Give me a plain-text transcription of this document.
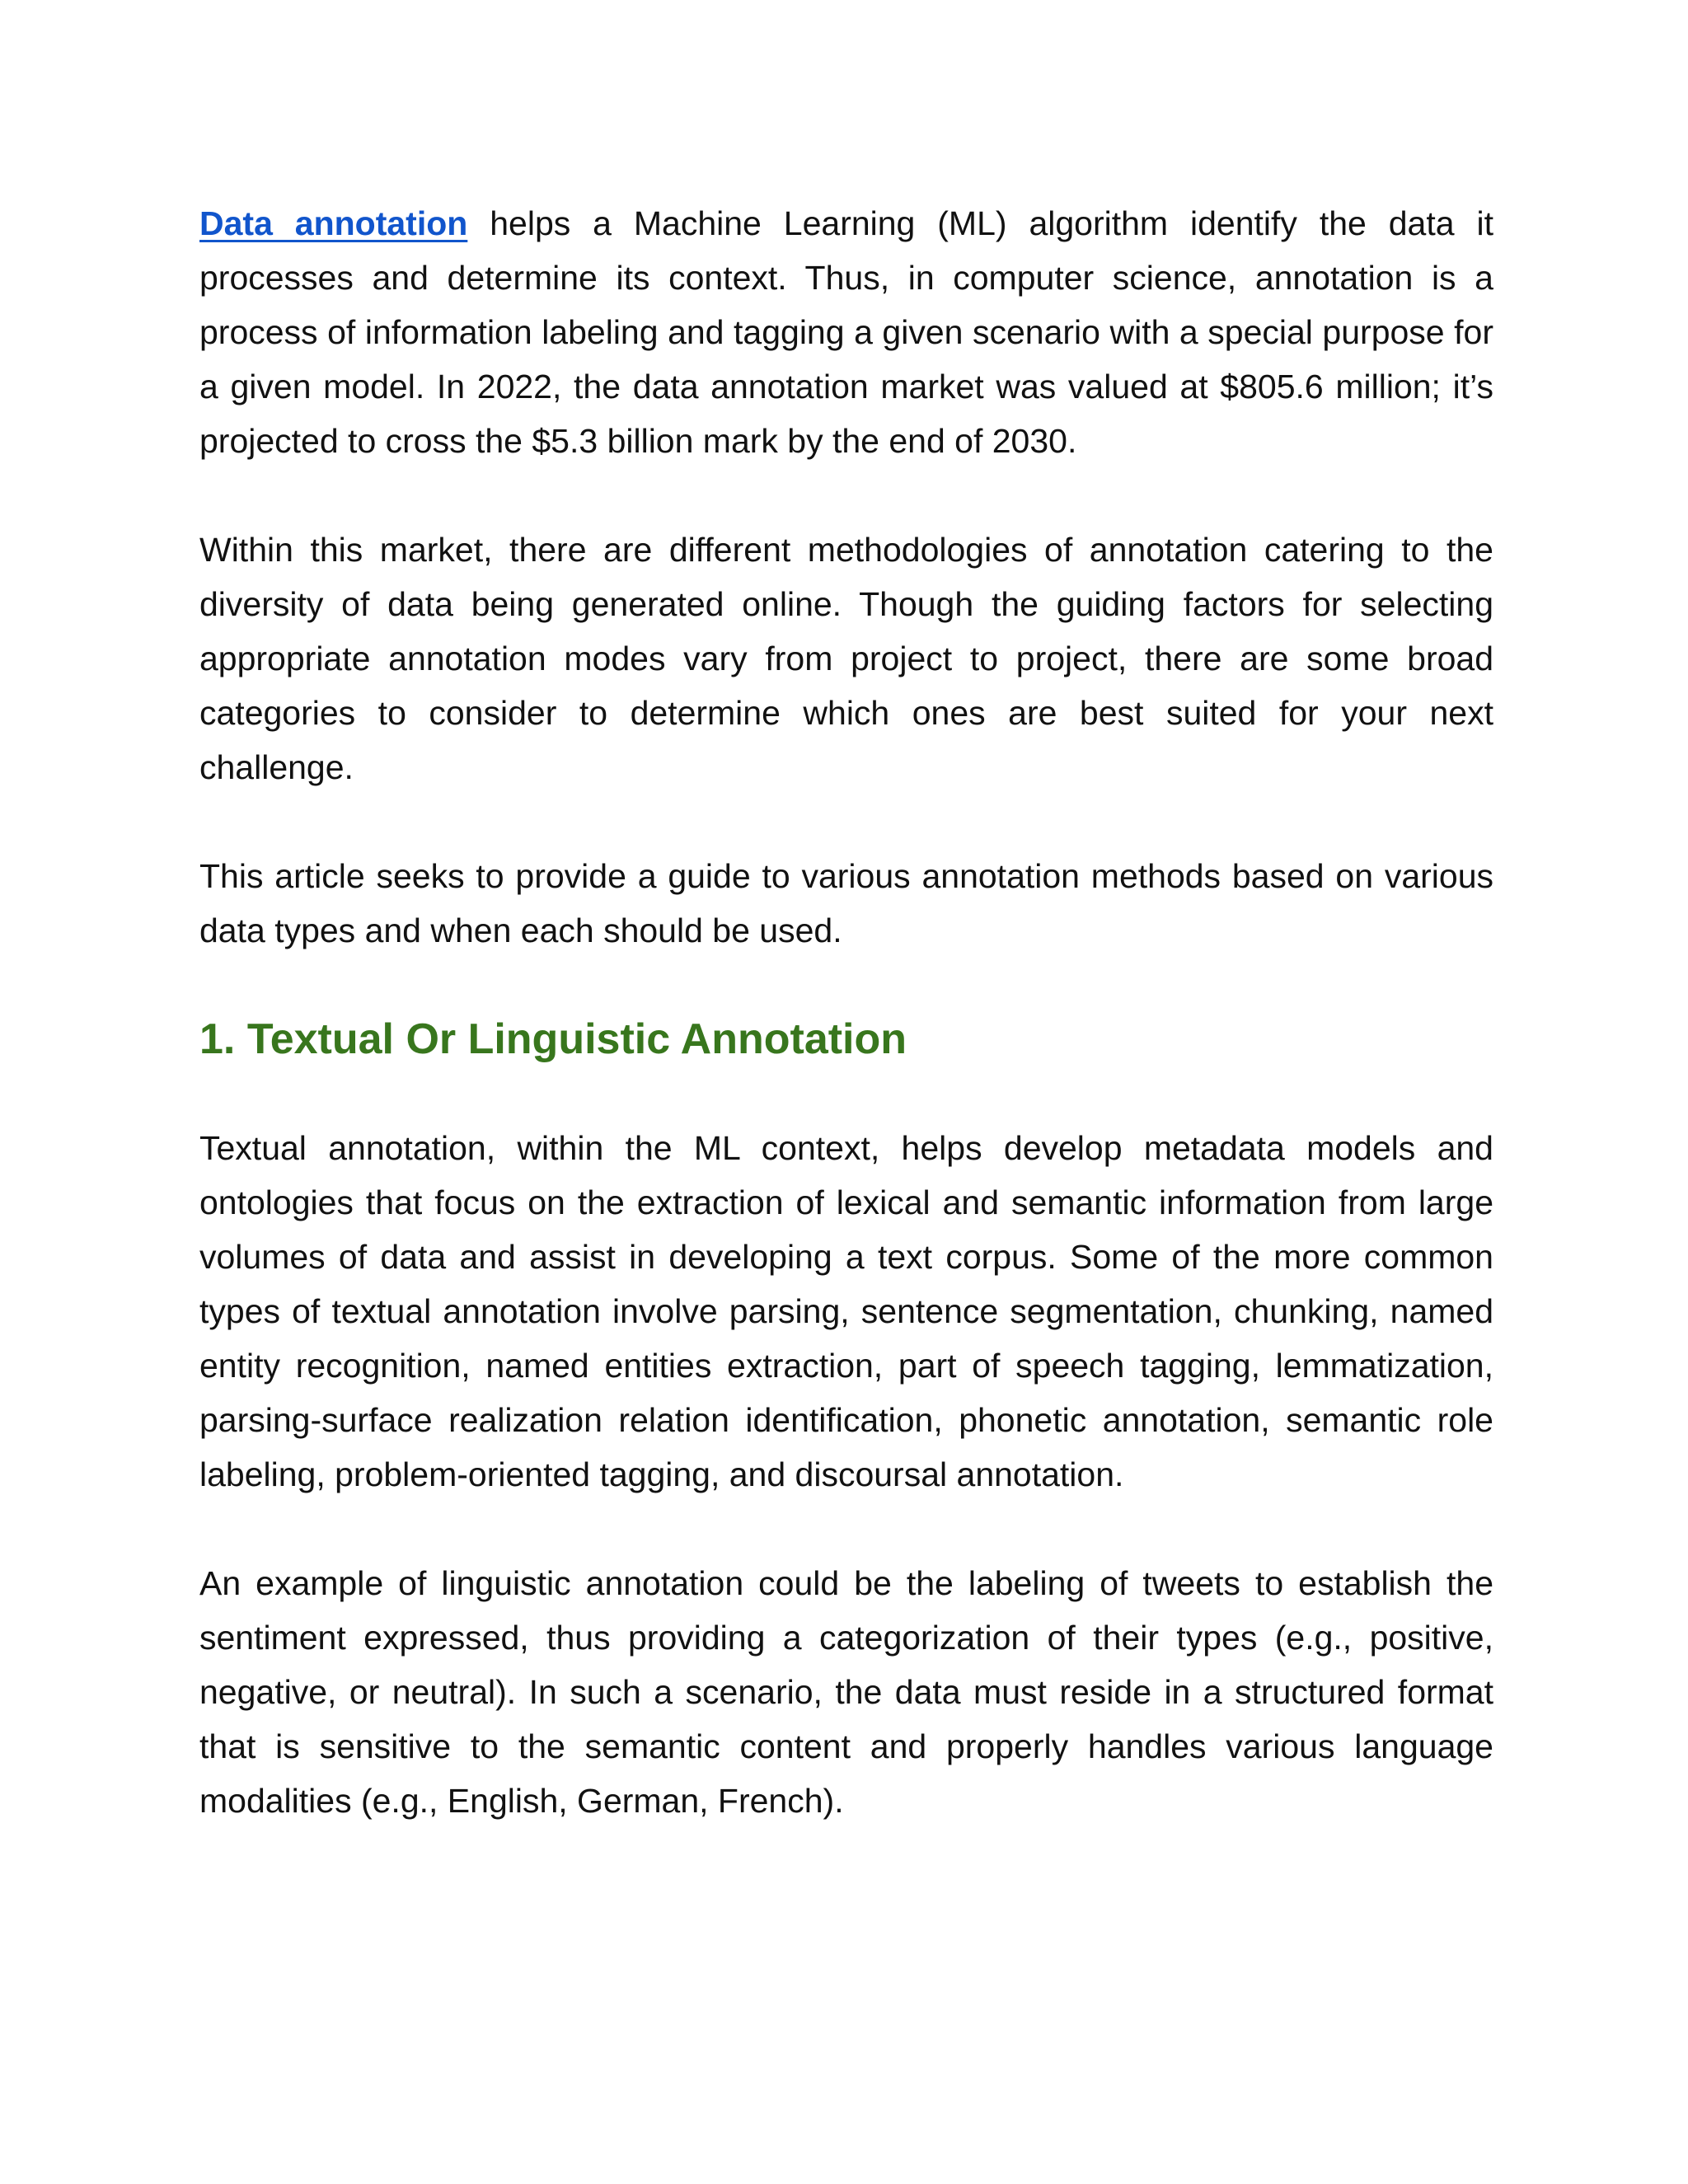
Data annotation helps a Machine Learning (ML) algorithm identify the data it processes and determine its context. Thus, in computer science, annotation is a process of information labeling and tagging a given scenario with a special purpose for a given model. In 2022, the data annotation market was valued at $805.6 million; it’s projected to cross the $5.3 billion mark by the end of 2030.

Within this market, there are different methodologies of annotation catering to the diversity of data being generated online. Though the guiding factors for selecting appropriate annotation modes vary from project to project, there are some broad categories to consider to determine which ones are best suited for your next challenge.

This article seeks to provide a guide to various annotation methods based on various data types and when each should be used.

1. Textual Or Linguistic Annotation

Textual annotation, within the ML context, helps develop metadata models and ontologies that focus on the extraction of lexical and semantic information from large volumes of data and assist in developing a text corpus. Some of the more common types of textual annotation involve parsing, sentence segmentation, chunking, named entity recognition, named entities extraction, part of speech tagging, lemmatization, parsing-surface realization relation identification, phonetic annotation, semantic role labeling, problem-oriented tagging, and discoursal annotation.

An example of linguistic annotation could be the labeling of tweets to establish the sentiment expressed, thus providing a categorization of their types (e.g., positive, negative, or neutral). In such a scenario, the data must reside in a structured format that is sensitive to the semantic content and properly handles various language modalities (e.g., English, German, French).
